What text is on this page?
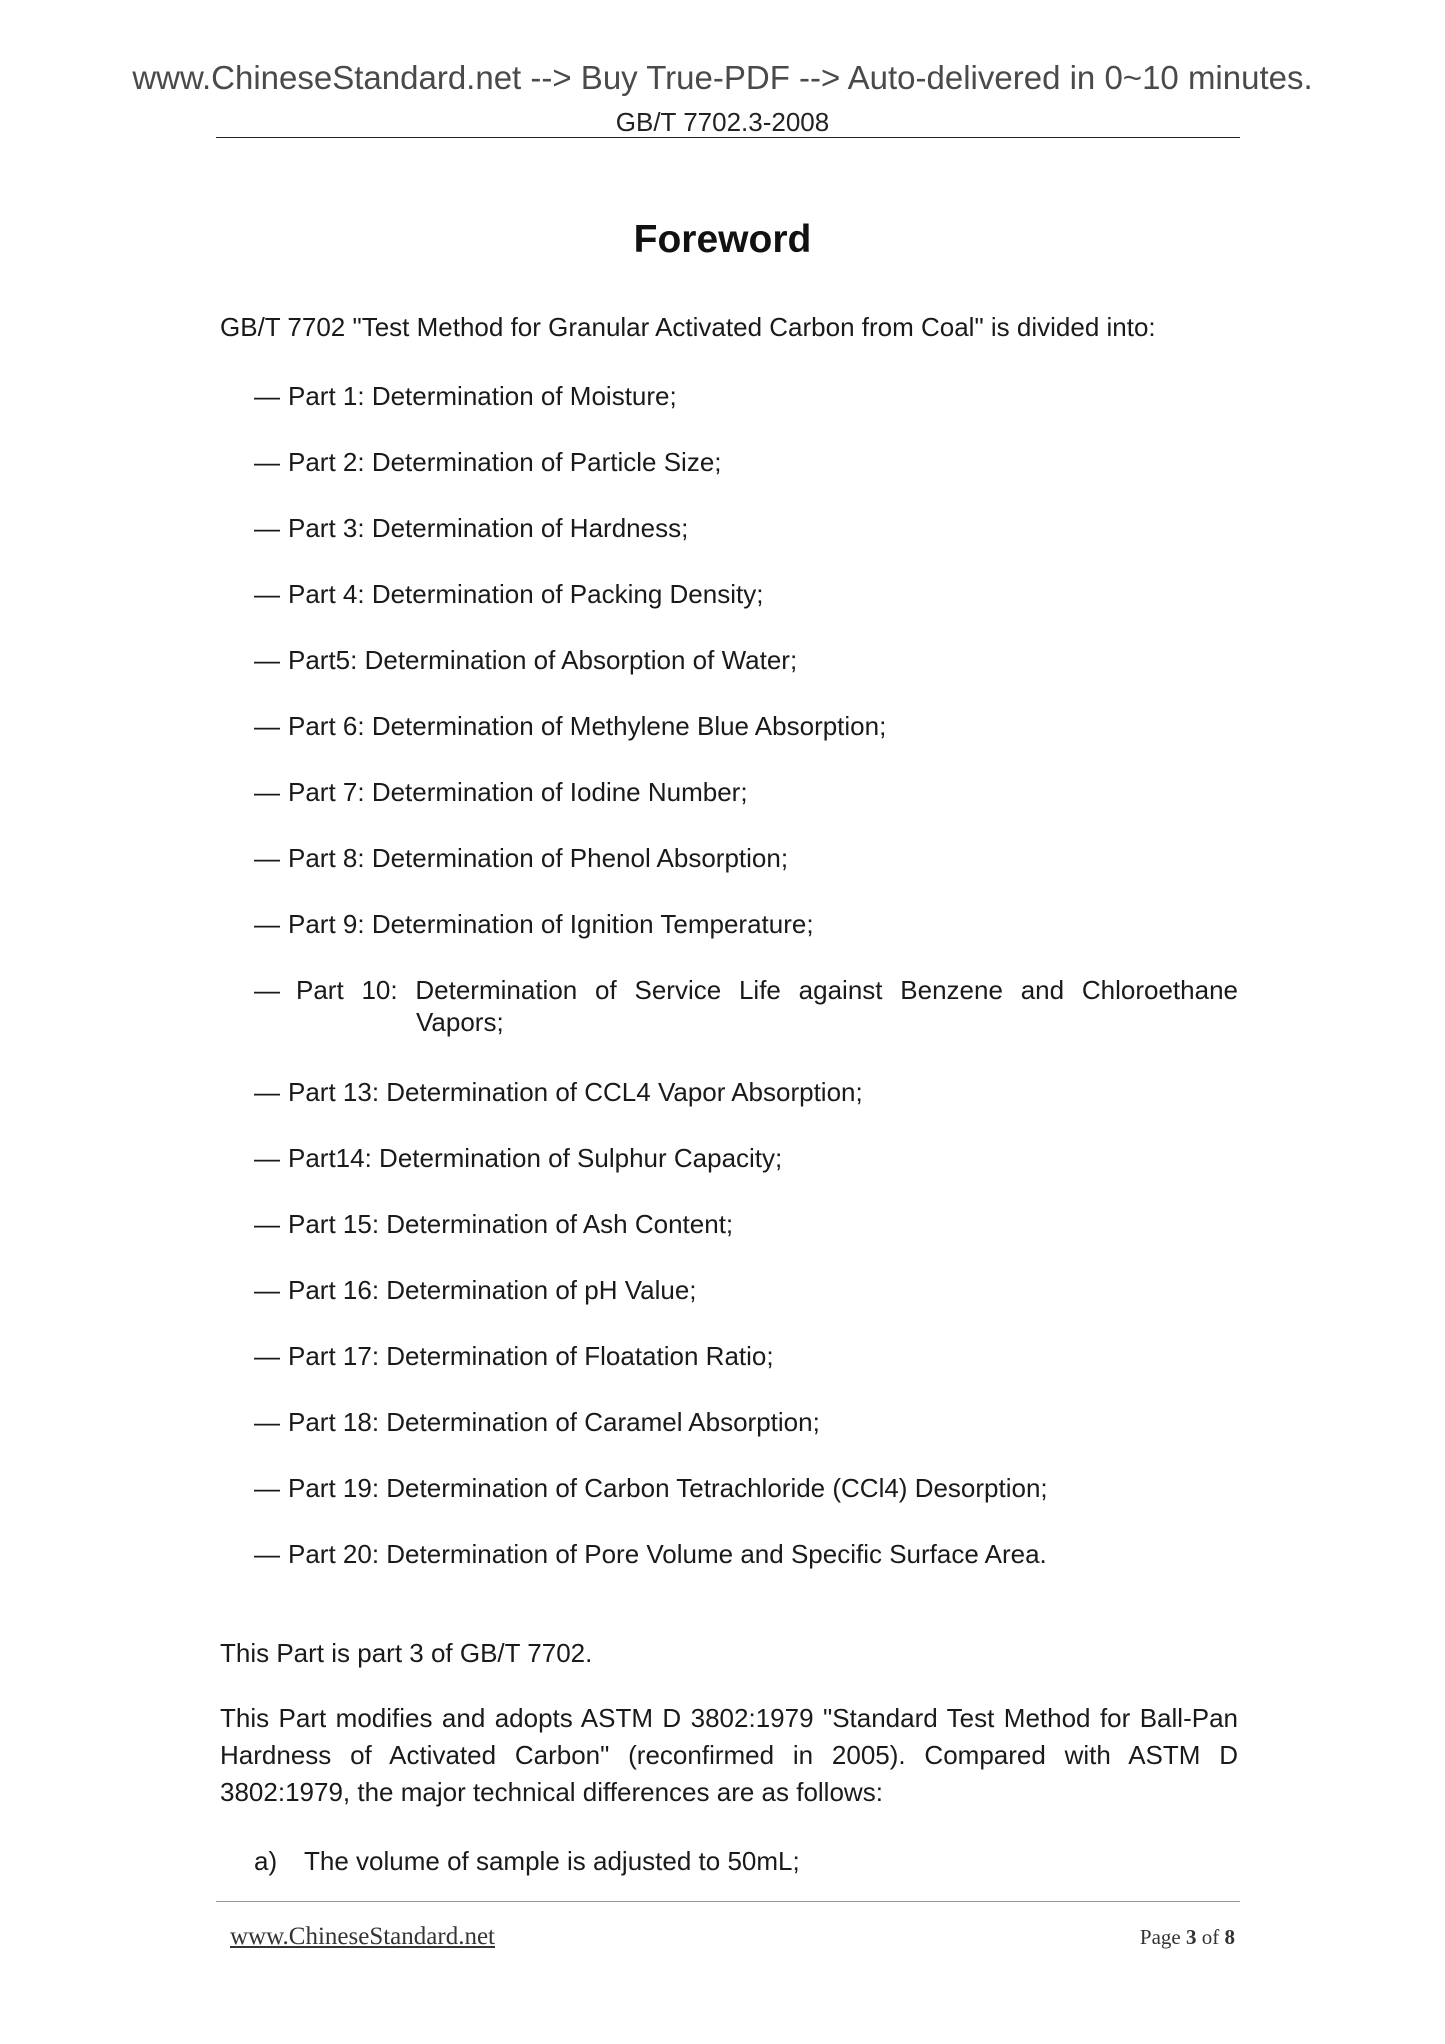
www.ChineseStandard.net --> Buy True-PDF --> Auto-delivered in 0~10 minutes.
GB/T 7702.3-2008
Foreword
GB/T 7702 "Test Method for Granular Activated Carbon from Coal" is divided into:
— Part 1: Determination of Moisture;
— Part 2: Determination of Particle Size;
— Part 3: Determination of Hardness;
— Part 4: Determination of Packing Density;
— Part5: Determination of Absorption of Water;
— Part 6: Determination of Methylene Blue Absorption;
— Part 7: Determination of Iodine Number;
— Part 8: Determination of Phenol Absorption;
— Part 9: Determination of Ignition Temperature;
— Part 10: Determination of Service Life against Benzene and Chloroethane
Vapors;
— Part 13: Determination of CCL4 Vapor Absorption;
— Part14: Determination of Sulphur Capacity;
— Part 15: Determination of Ash Content;
— Part 16: Determination of pH Value;
— Part 17: Determination of Floatation Ratio;
— Part 18: Determination of Caramel Absorption;
— Part 19: Determination of Carbon Tetrachloride (CCl4) Desorption;
— Part 20: Determination of Pore Volume and Specific Surface Area.
This Part is part 3 of GB/T 7702.
This Part modifies and adopts ASTM D 3802:1979 "Standard Test Method for Ball-Pan Hardness of Activated Carbon" (reconfirmed in 2005). Compared with ASTM D 3802:1979, the major technical differences are as follows:
a) The volume of sample is adjusted to 50mL;
www.ChineseStandard.net	Page 3 of 8
